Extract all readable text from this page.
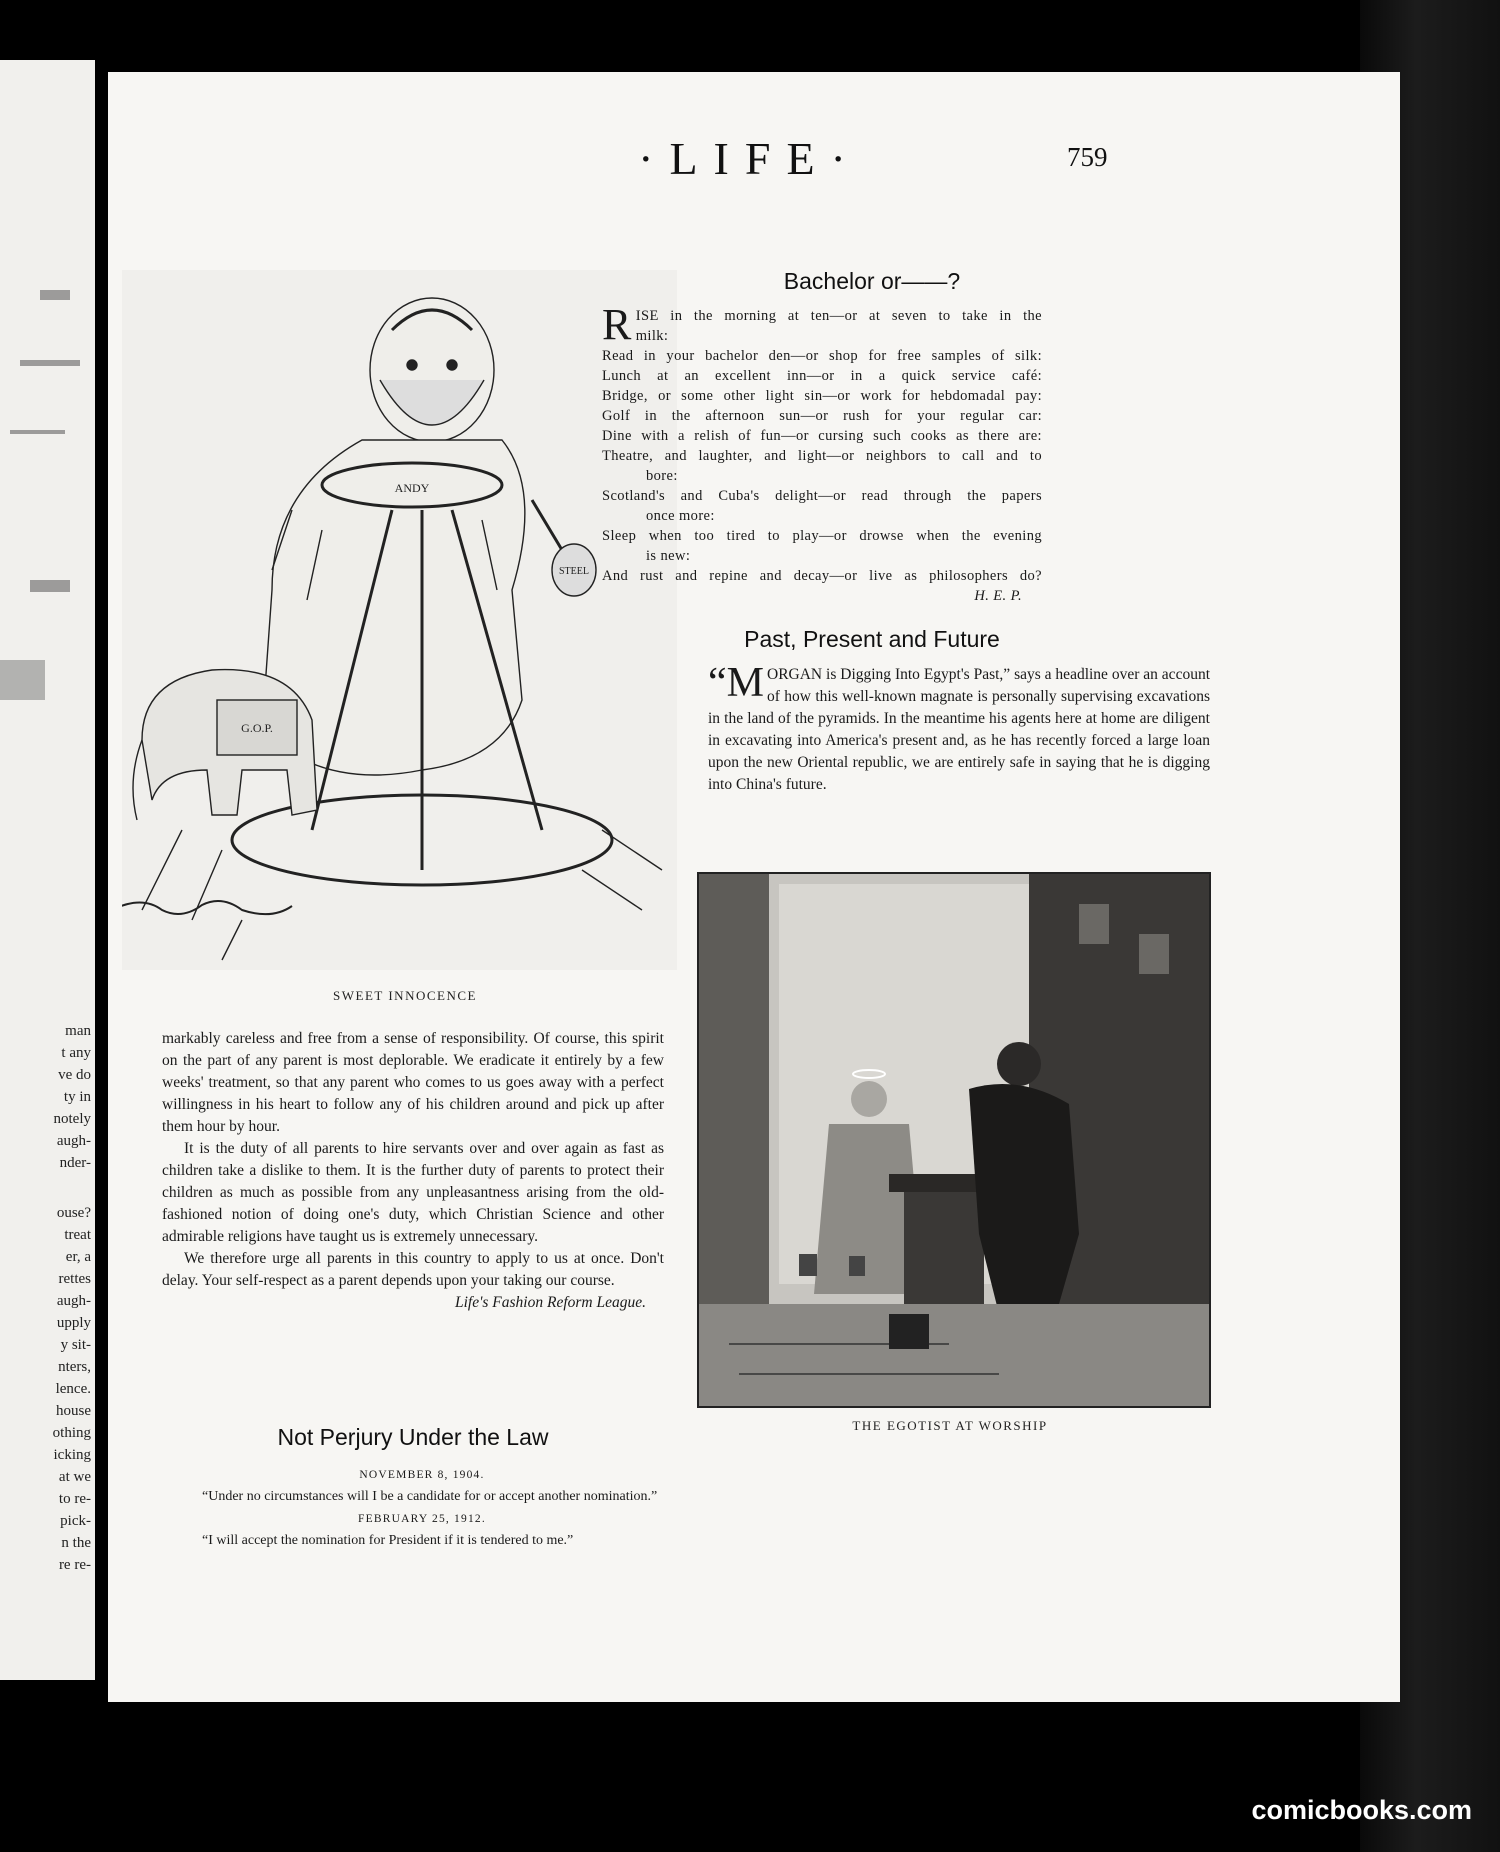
man
t any
ve do
ty in
notely
augh-
nder-
ouse?
treat
er, a
rettes
augh-
upply
y sit-
nters,
lence.
house
othing
icking
at we
to re-
pick-
n the
re re-
·LIFE·	759
ANDY
STEEL
G.O.P.
SWEET INNOCENCE

markably careless and free from a sense of responsibility. Of course, this spirit on the part of any parent is most deplorable. We eradicate it entirely by a few weeks' treatment, so that any parent who comes to us goes away with a perfect willingness in his heart to follow any of his children around and pick up after them hour by hour.

It is the duty of all parents to hire servants over and over again as fast as children take a dislike to them. It is the further duty of parents to protect their children as much as possible from any unpleasantness arising from the old-fashioned notion of doing one's duty, which Christian Science and other admirable religions have taught us is extremely unnecessary.

We therefore urge all parents in this country to apply to us at once. Don't delay. Your self-respect as a parent depends upon your taking our course.

Life's Fashion Reform League.
Not Perjury Under the Law
NOVEMBER 8, 1904.

“Under no circumstances will I be a candidate for or accept another nomination.”

FEBRUARY 25, 1912.

“I will accept the nomination for President if it is tendered to me.”

Bachelor or——?
R ISE in the morning at ten—or at seven to take in the
milk:
Read in your bachelor den—or shop for free samples of silk:
Lunch at an excellent inn—or in a quick service café:
Bridge, or some other light sin—or work for hebdomadal pay:
Golf in the afternoon sun—or rush for your regular car:
Dine with a relish of fun—or cursing such cooks as there are:
Theatre, and laughter, and light—or neighbors to call and to
bore:
Scotland's and Cuba's delight—or read through the papers
once more:
Sleep when too tired to play—or drowse when the evening
is new:
And rust and repine and decay—or live as philosophers do?
H. E. P.
Past, Present and Future

“MORGAN is Digging Into Egypt's Past,” says a headline over an account of how this well-known magnate is personally supervising excavations in the land of the pyramids. In the meantime his agents here at home are diligent in excavating into America's present and, as he has recently forced a large loan upon the new Oriental republic, we are entirely safe in saying that he is digging into China's future.

THE EGOTIST AT WORSHIP
comicbooks.com
